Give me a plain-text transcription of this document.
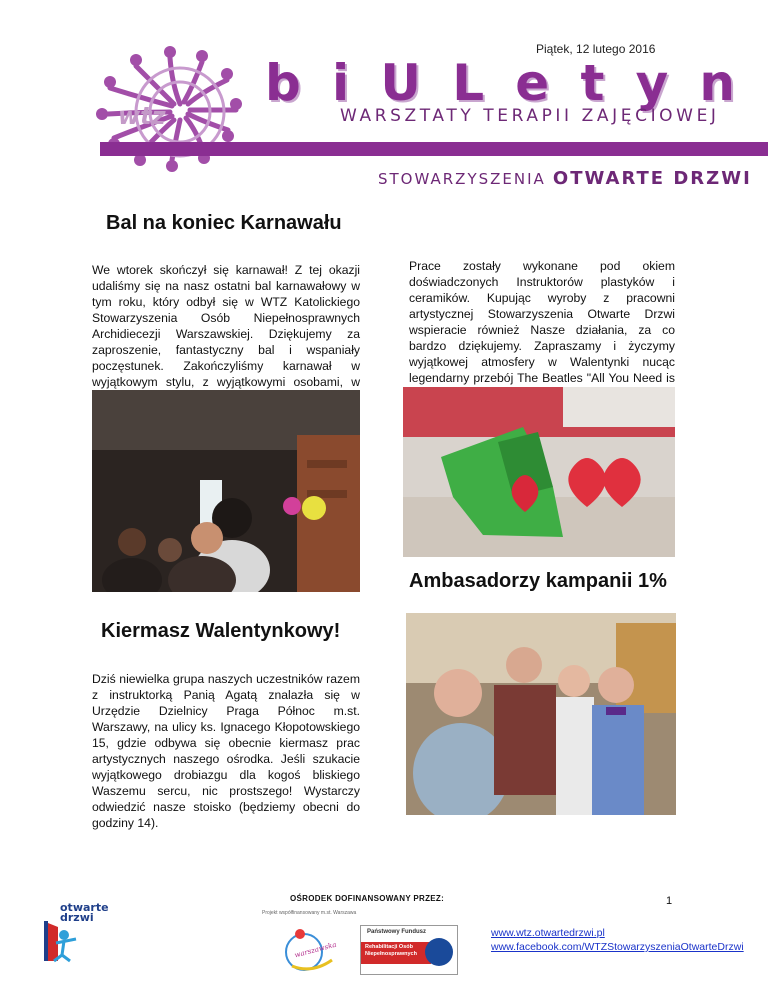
wtz
Piątek, 12 lutego 2016
b i U L e t y n
WARSZTATY TERAPII ZAJĘCIOWEJ
STOWARZYSZENIA OTWARTE DRZWI
Bal na koniec Karnawału
We wtorek skończył się karnawał! Z tej okazji udaliśmy się na nasz ostatni bal karnawałowy w tym roku, który odbył się w WTZ Katolickiego Stowarzyszenia Osób Niepełnosprawnych Archidiecezji Warszawskiej. Dziękujemy za zaproszenie, fantastyczny bal i wspaniały poczęstunek. Zakończyliśmy karnawał w wyjątkowym stylu, z wyjątkowymi osobami, w
Prace zostały wykonane pod okiem doświadczonych Instruktorów plastyków i ceramików. Kupując wyroby z pracowni artystycznej Stowarzyszenia Otwarte Drzwi wspieracie również Nasze działania, za co bardzo dziękujemy. Zapraszamy i życzymy wyjątkowej atmosfery w Walentynki nucąc legendarny przebój The Beatles "All You Need is
Ambasadorzy kampanii 1%
Kiermasz Walentynkowy!
Dziś niewielka grupa naszych uczestników razem z instruktorką Panią Agatą znalazła się w Urzędzie Dzielnicy Praga Północ m.st. Warszawy, na ulicy ks. Ignacego Kłopotowskiego 15, gdzie odbywa się obecnie kiermasz prac artystycznych naszego ośrodka. Jeśli szukacie wyjątkowego drobiazgu dla kogoś bliskiego Waszemu sercu, nic prostszego! Wystarczy odwiedzić nasze stoisko (będziemy obecni do godziny 14).
OŚRODEK DOFINANSOWANY PRZEZ:
Projekt współfinansowany m.st. Warszawa
1
otwarte drzwi
warszawska
Państwowy Fundusz
Rehabilitacji Osób Niepełnosprawnych
www.wtz.otwartedrzwi.pl
www.facebook.com/WTZStowarzyszeniaOtwarteDrzwi
